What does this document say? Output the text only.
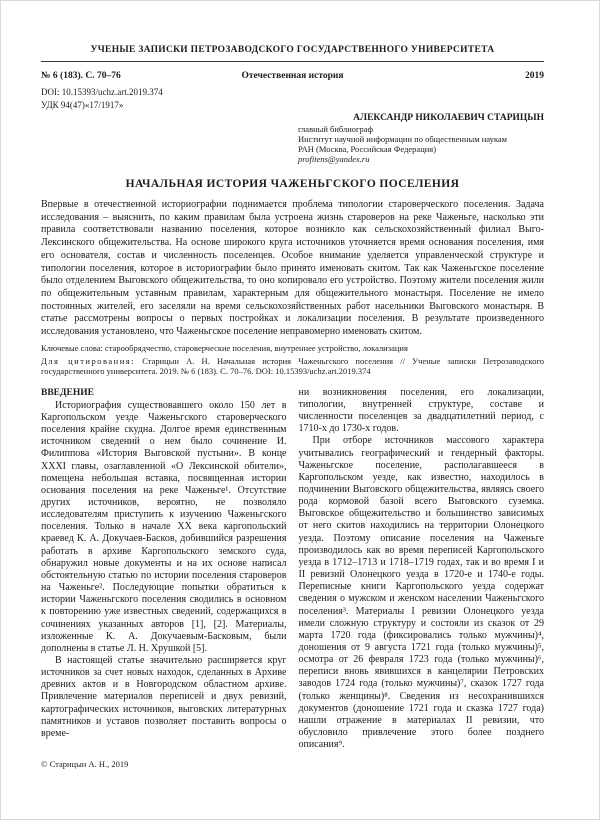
УЧЕНЫЕ ЗАПИСКИ ПЕТРОЗАВОДСКОГО ГОСУДАРСТВЕННОГО УНИВЕРСИТЕТА
№ 6 (183). С. 70–76	Отечественная история	2019
DOI: 10.15393/uchz.art.2019.374
УДК 94(47)«17/1917»
АЛЕКСАНДР НИКОЛАЕВИЧ СТАРИЦЫН
главный библиограф
Институт научной информации по общественным наукам
РАН (Москва, Российская Федерация)
profitens@yandex.ru
НАЧАЛЬНАЯ ИСТОРИЯ ЧАЖЕНЬГСКОГО ПОСЕЛЕНИЯ

Впервые в отечественной историографии поднимается проблема типологии староверческого поселения. Задача исследования – выяснить, по каким правилам была устроена жизнь староверов на реке Чаженьге, насколько эти правила соответствовали названию поселения, которое возникло как сельскохозяйственный филиал Выго-Лексинского общежительства. На основе широкого круга источников уточняется время основания поселения, имя его основателя, состав и численность поселенцев. Особое внимание уделяется управленческой структуре и типологии поселения, которое в историографии было принято именовать скитом. Так как Чаженьгское поселение было отделением Выговского общежительства, то оно копировало его устройство. Поэтому жители поселения жили по общежительным уставным правилам, характерным для общежительного монастыря. Поселение не имело постоянных жителей, его заселяли на время сельскохозяйственных работ насельники Выговского монастыря. В статье рассмотрены вопросы о первых постройках и локализации поселения. В результате произведенного исследования установлено, что Чаженьгское поселение неправомерно именовать скитом.

Ключевые слова: старообрядчество, староверческие поселения, внутреннее устройство, локализация

Для цитирования: Старицын А. Н. Начальная история Чаженьгского поселения // Ученые записки Петрозаводского государственного университета. 2019. № 6 (183). С. 70–76. DOI: 10.15393/uchz.art.2019.374

ВВЕДЕНИЕ

Историография существовавшего около 150 лет в Каргопольском уезде Чаженьгского староверческого поселения крайне скудна. Долгое время единственным источником сведений о нем было сочинение И. Филиппова «История Выговской пустыни». В конце XXXI главы, озаглавленной «О Лексинской обители», помещена небольшая вставка, посвященная истории основания поселения на реке Чаженьге¹. Отсутствие других источников, вероятно, не позволяло исследователям приступить к изучению Чаженьгского поселения. Только в начале XX века каргопольский краевед К. А. Докучаев-Басков, добившийся разрешения работать в архиве Каргопольского земского суда, обнаружил новые документы и на их основе написал обстоятельную статью по истории поселения староверов на Чаженьге². Последующие попытки обратиться к истории Чаженьгского поселения сводились в основном к повторению уже известных сведений, содержащихся в сочинениях указанных авторов [1], [2]. Материалы, изложенные К. А. Докучаевым-Басковым, были дополнены в статье Л. Н. Хрушкой [5].

В настоящей статье значительно расширяется круг источников за счет новых находок, сделанных в Архиве древних актов и в Новгородском областном архиве. Привлечение материалов переписей и двух ревизий, картографических источников, выговских литературных памятников и уставов позволяет поставить вопросы о време-

ни возникновения поселения, его локализации, типологии, внутренней структуре, составе и численности поселенцев за двадцатилетний период, с 1710-х до 1730-х годов.

При отборе источников массового характера учитывались географический и гендерный факторы. Чаженьгское поселение, располагавшееся в Каргопольском уезде, как известно, находилось в подчинении Выговского общежительства, являясь своего рода кормовой базой всего Выговского суземка. Выговское общежительство и большинство зависимых от него скитов находились на территории Олонецкого уезда. Поэтому описание поселения на Чаженьге производилось как во время переписей Каргопольского уезда в 1712–1713 и 1718–1719 годах, так и во время I и II ревизий Олонецкого уезда в 1720-е и 1740-е годы. Переписные книги Каргопольского уезда содержат сведения о мужском и женском населении Чаженьгского поселения³. Материалы I ревизии Олонецкого уезда имели сложную структуру и состояли из сказок от 29 марта 1720 года (фиксировались только мужчины)⁴, доношения от 9 августа 1721 года (только мужчины)⁵, осмотра от 26 февраля 1723 года (только мужчины)⁶, переписи вновь явившихся в канцелярии Петровских заводов 1724 года (только мужчины)⁷, сказок 1727 года (только женщины)⁸. Сведения из несохранившихся документов (доношение 1721 года и сказка 1727 года) нашли отражение в материалах II ревизии, что обусловило привлечение этого более позднего описания⁹.

© Старицын А. Н., 2019
